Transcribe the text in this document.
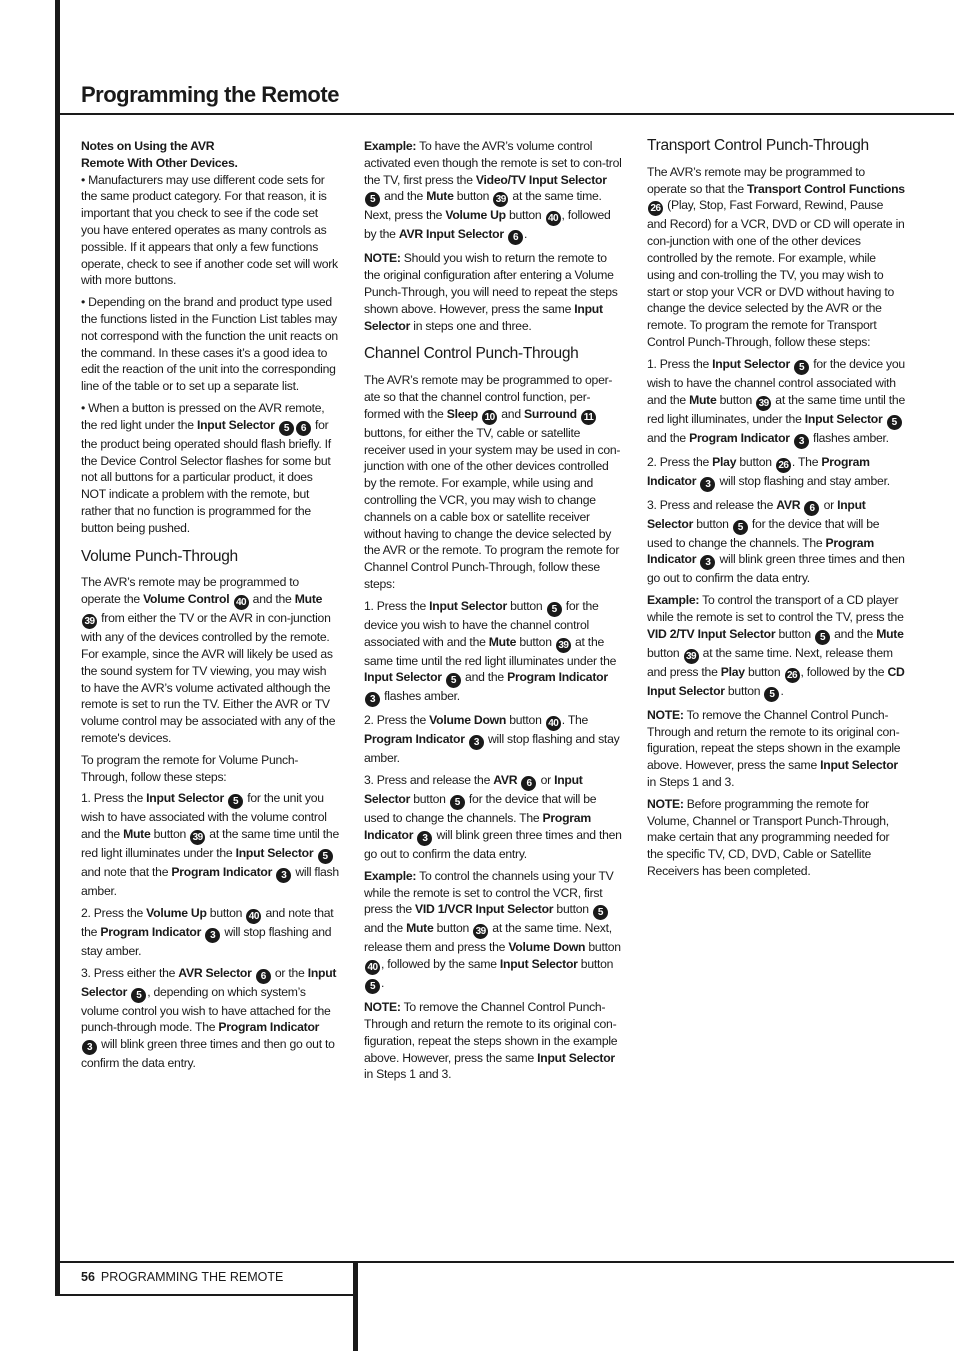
Programming the Remote

Notes on Using the AVR
Remote With Other Devices.

• Manufacturers may use different code sets for the same product category. For that reason, it is important that you check to see if the code set you have entered operates as many controls as possible. If it appears that only a few functions operate, check to see if another code set will work with more buttons.

• Depending on the brand and product type used the functions listed in the Function List tables may not correspond with the function the unit reacts on the command. In these cases it’s a good idea to edit the reaction of the unit into the corresponding line of the table or to set up a separate list.

• When a button is pressed on the AVR remote, the red light under the Input Selector 5 6 for the product being operated should flash briefly. If the Device Control Selector flashes for some but not all buttons for a particular product, it does NOT indicate a problem with the remote, but rather that no function is programmed for the button being pushed.

Volume Punch-Through

The AVR’s remote may be programmed to operate the Volume Control 40 and the Mute 39 from either the TV or the AVR in con-junction with any of the devices controlled by the remote. For example, since the AVR will likely be used as the sound system for TV viewing, you may wish to have the AVR’s volume activated although the remote is set to run the TV. Either the AVR or TV volume control may be associated with any of the remote's devices.

To program the remote for Volume Punch-Through, follow these steps:

1. Press the Input Selector 5 for the unit you wish to have associated with the volume control and the Mute button 39 at the same time until the red light illuminates under the Input Selector 5 and note that the Program Indicator 3 will flash amber.

2. Press the Volume Up button 40 and note that the Program Indicator 3 will stop flashing and stay amber.

3. Press either the AVR Selector 6 or the Input Selector 5 , depending on which system’s volume control you wish to have attached for the punch-through mode. The Program Indicator 3 will blink green three times and then go out to confirm the data entry.

Example: To have the AVR’s volume control activated even though the remote is set to con-trol the TV, first press the Video/TV Input Selector 5 and the Mute button 39 at the same time. Next, press the Volume Up button 40 , followed by the AVR Input Selector 6 .

NOTE: Should you wish to return the remote to the original configuration after entering a Volume Punch-Through, you will need to repeat the steps shown above. However, press the same Input Selector in steps one and three.

Channel Control Punch-Through

The AVR’s remote may be programmed to oper-ate so that the channel control function, per-formed with the Sleep 10 and Surround 11 buttons, for either the TV, cable or satellite receiver used in your system may be used in con-junction with one of the other devices controlled by the remote. For example, while using and controlling the VCR, you may wish to change channels on a cable box or satellite receiver without having to change the device selected by the AVR or the remote. To program the remote for Channel Control Punch-Through, follow these steps:

1. Press the Input Selector button 5 for the device you wish to have the channel control associated with and the Mute button 39 at the same time until the red light illuminates under the Input Selector 5 and the Program Indicator 3 flashes amber.

2. Press the Volume Down button 40 . The Program Indicator 3 will stop flashing and stay amber.

3. Press and release the AVR 6 or Input Selector button 5 for the device that will be used to change the channels. The Program Indicator 3 will blink green three times and then go out to confirm the data entry.

Example: To control the channels using your TV while the remote is set to control the VCR, first press the VID 1/VCR Input Selector button 5 and the Mute button 39 at the same time. Next, release them and press the Volume Down button 40 , followed by the same Input Selector button 5 .

NOTE: To remove the Channel Control Punch-Through and return the remote to its original con-figuration, repeat the steps shown in the example above. However, press the same Input Selector in Steps 1 and 3.

Transport Control Punch-Through

The AVR’s remote may be programmed to operate so that the Transport Control Functions 26 (Play, Stop, Fast Forward, Rewind, Pause and Record) for a VCR, DVD or CD will operate in con-junction with one of the other devices controlled by the remote. For example, while using and con-trolling the TV, you may wish to start or stop your VCR or DVD without having to change the device selected by the AVR or the remote. To program the remote for Transport Control Punch-Through, follow these steps:

1. Press the Input Selector 5 for the device you wish to have the channel control associated with and the Mute button 39 at the same time until the red light illuminates, under the Input Selector 5 and the Program Indicator 3 flashes amber.

2. Press the Play button 26 . The Program Indicator 3 will stop flashing and stay amber.

3. Press and release the AVR 6 or Input Selector button 5 for the device that will be used to change the channels. The Program Indicator 3 will blink green three times and then go out to confirm the data entry.

Example: To control the transport of a CD player while the remote is set to control the TV, press the VID 2/TV Input Selector button 5 and the Mute button 39 at the same time. Next, release them and press the Play button 26 , followed by the CD Input Selector button 5 .

NOTE: To remove the Channel Control Punch-Through and return the remote to its original con-figuration, repeat the steps shown in the example above. However, press the same Input Selector in Steps 1 and 3.

NOTE: Before programming the remote for Volume, Channel or Transport Punch-Through, make certain that any programming needed for the specific TV, CD, DVD, Cable or Satellite Receivers has been completed.

56 PROGRAMMING THE REMOTE
